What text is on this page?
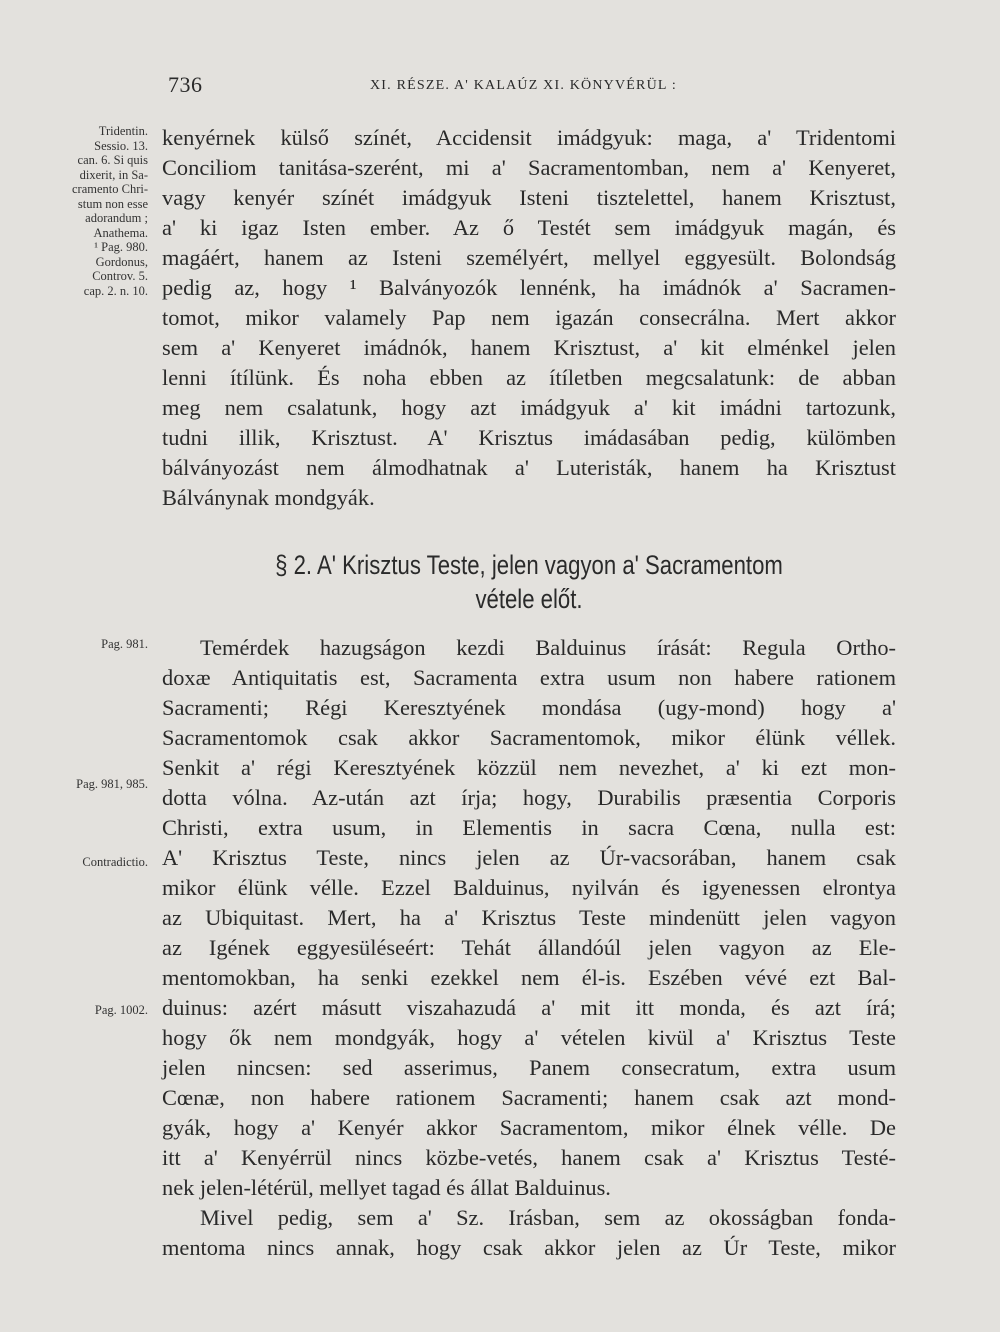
736	XI. RÉSZE. A' KALAÚZ XI. KÖNYVÉRÜL :
Tridentin.
Sessio. 13.
can. 6. Si quis
dixerit, in Sa-
cramento Chri-
stum non esse
adorandum ;
Anathema.
¹ Pag. 980.
Gordonus,
Controv. 5.
cap. 2. n. 10.
Pag. 981.
Pag. 981, 985.
Contradictio.
Pag. 1002.
kenyérnek külső színét, Accidensit imádgyuk: maga, a' Tridentomi
Conciliom tanitása-szerént, mi a' Sacramentomban, nem a' Kenyeret,
vagy kenyér színét imádgyuk Isteni tisztelettel, hanem Krisztust,
a' ki igaz Isten ember. Az ő Testét sem imádgyuk magán, és
magáért, hanem az Isteni személyért, mellyel eggyesült. Bolondság
pedig az, hogy ¹ Balványozók lennénk, ha imádnók a' Sacramen-
tomot, mikor valamely Pap nem igazán consecrálna. Mert akkor
sem a' Kenyeret imádnók, hanem Krisztust, a' kit elménkel jelen
lenni ítílünk. És noha ebben az ítíletben megcsalatunk: de abban
meg nem csalatunk, hogy azt imádgyuk a' kit imádni tartozunk,
tudni illik, Krisztust. A' Krisztus imádasában pedig, külömben
bálványozást nem álmodhatnak a' Luteristák, hanem ha Krisztust
Bálványnak mondgyák.
§ 2. A' Krisztus Teste, jelen vagyon a' Sacramentom
vétele előt.
Temérdek hazugságon kezdi Balduinus írását: Regula Ortho-
doxæ Antiquitatis est, Sacramenta extra usum non habere rationem
Sacramenti; Régi Keresztyének mondása (ugy-mond) hogy a'
Sacramentomok csak akkor Sacramentomok, mikor élünk véllek.
Senkit a' régi Keresztyének közzül nem nevezhet, a' ki ezt mon-
dotta vólna. Az-után azt írja; hogy, Durabilis præsentia Corporis
Christi, extra usum, in Elementis in sacra Cœna, nulla est:
A' Krisztus Teste, nincs jelen az Úr-vacsorában, hanem csak
mikor élünk vélle. Ezzel Balduinus, nyilván és igyenessen elrontya
az Ubiquitast. Mert, ha a' Krisztus Teste mindenütt jelen vagyon
az Igének eggyesüléseért: Tehát állandóúl jelen vagyon az Ele-
mentomokban, ha senki ezekkel nem él-is. Eszében vévé ezt Bal-
duinus: azért másutt viszahazudá a' mit itt monda, és azt írá;
hogy ők nem mondgyák, hogy a' vételen kivül a' Krisztus Teste
jelen nincsen: sed asserimus, Panem consecratum, extra usum
Cœnæ, non habere rationem Sacramenti; hanem csak azt mond-
gyák, hogy a' Kenyér akkor Sacramentom, mikor élnek vélle. De
itt a' Kenyérrül nincs közbe-vetés, hanem csak a' Krisztus Testé-
nek jelen-létérül, mellyet tagad és állat Balduinus.
Mivel pedig, sem a' Sz. Irásban, sem az okosságban fonda-
mentoma nincs annak, hogy csak akkor jelen az Úr Teste, mikor
